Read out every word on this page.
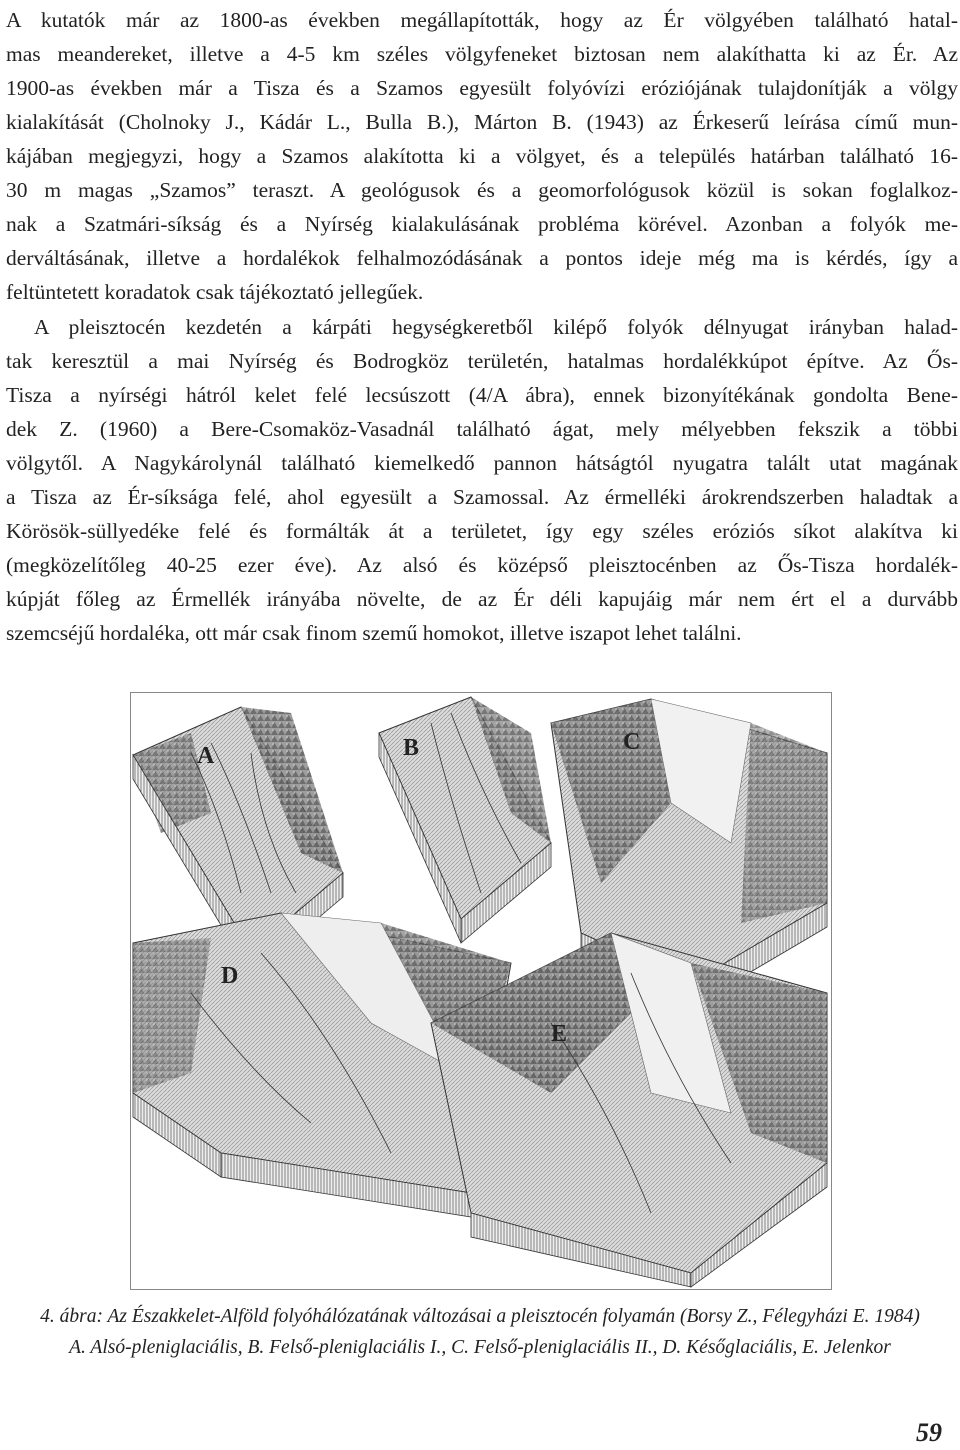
A kutatók már az 1800-as években megállapították, hogy az Ér völgyében található hatal-
mas meandereket, illetve a 4-5 km széles völgyfeneket biztosan nem alakíthatta ki az Ér. Az
1900-as években már a Tisza és a Szamos egyesült folyóvízi eróziójának tulajdonítják a völgy
kialakítását (Cholnoky J., Kádár L., Bulla B.), Márton B. (1943) az Érkeserű leírása című mun-
kájában megjegyzi, hogy a Szamos alakította ki a völgyet, és a település határban található 16-
30 m magas „Szamos” teraszt. A geológusok és a geomorfológusok közül is sokan foglalkoz-
nak a Szatmári-síkság és a Nyírség kialakulásának probléma körével. Azonban a folyók me-
derváltásának, illetve a hordalékok felhalmozódásának a pontos ideje még ma is kérdés, így a
feltüntetett koradatok csak tájékoztató jellegűek.
A pleisztocén kezdetén a kárpáti hegységkeretből kilépő folyók délnyugat irányban halad-
tak keresztül a mai Nyírség és Bodrogköz területén, hatalmas hordalékkúpot építve. Az Ős-
Tisza a nyírségi hátról kelet felé lecsúszott (4/A ábra), ennek bizonyítékának gondolta Bene-
dek Z. (1960) a Bere-Csomaköz-Vasadnál található ágat, mely mélyebben fekszik a többi
völgytől. A Nagykárolynál található kiemelkedő pannon hátságtól nyugatra talált utat magának
a Tisza az Ér-síksága felé, ahol egyesült a Szamossal. Az érmelléki árokrendszerben haladtak a
Körösök-süllyedéke felé és formálták át a területet, így egy széles eróziós síkot alakítva ki
(megközelítőleg 40-25 ezer éve). Az alsó és középső pleisztocénben az Ős-Tisza hordalék-
kúpját főleg az Érmellék irányába növelte, de az Ér déli kapujáig már nem ért el a durvább
szemcséjű hordaléka, ott már csak finom szemű homokot, illetve iszapot lehet találni.
A	B	C
D
E

4. ábra: Az Északkelet-Alföld folyóhálózatának változásai a pleisztocén folyamán (Borsy Z., Félegyházi E. 1984)

A. Alsó-pleniglaciális, B. Felső-pleniglaciális I., C. Felső-pleniglaciális II., D. Későglaciális, E. Jelenkor

59
